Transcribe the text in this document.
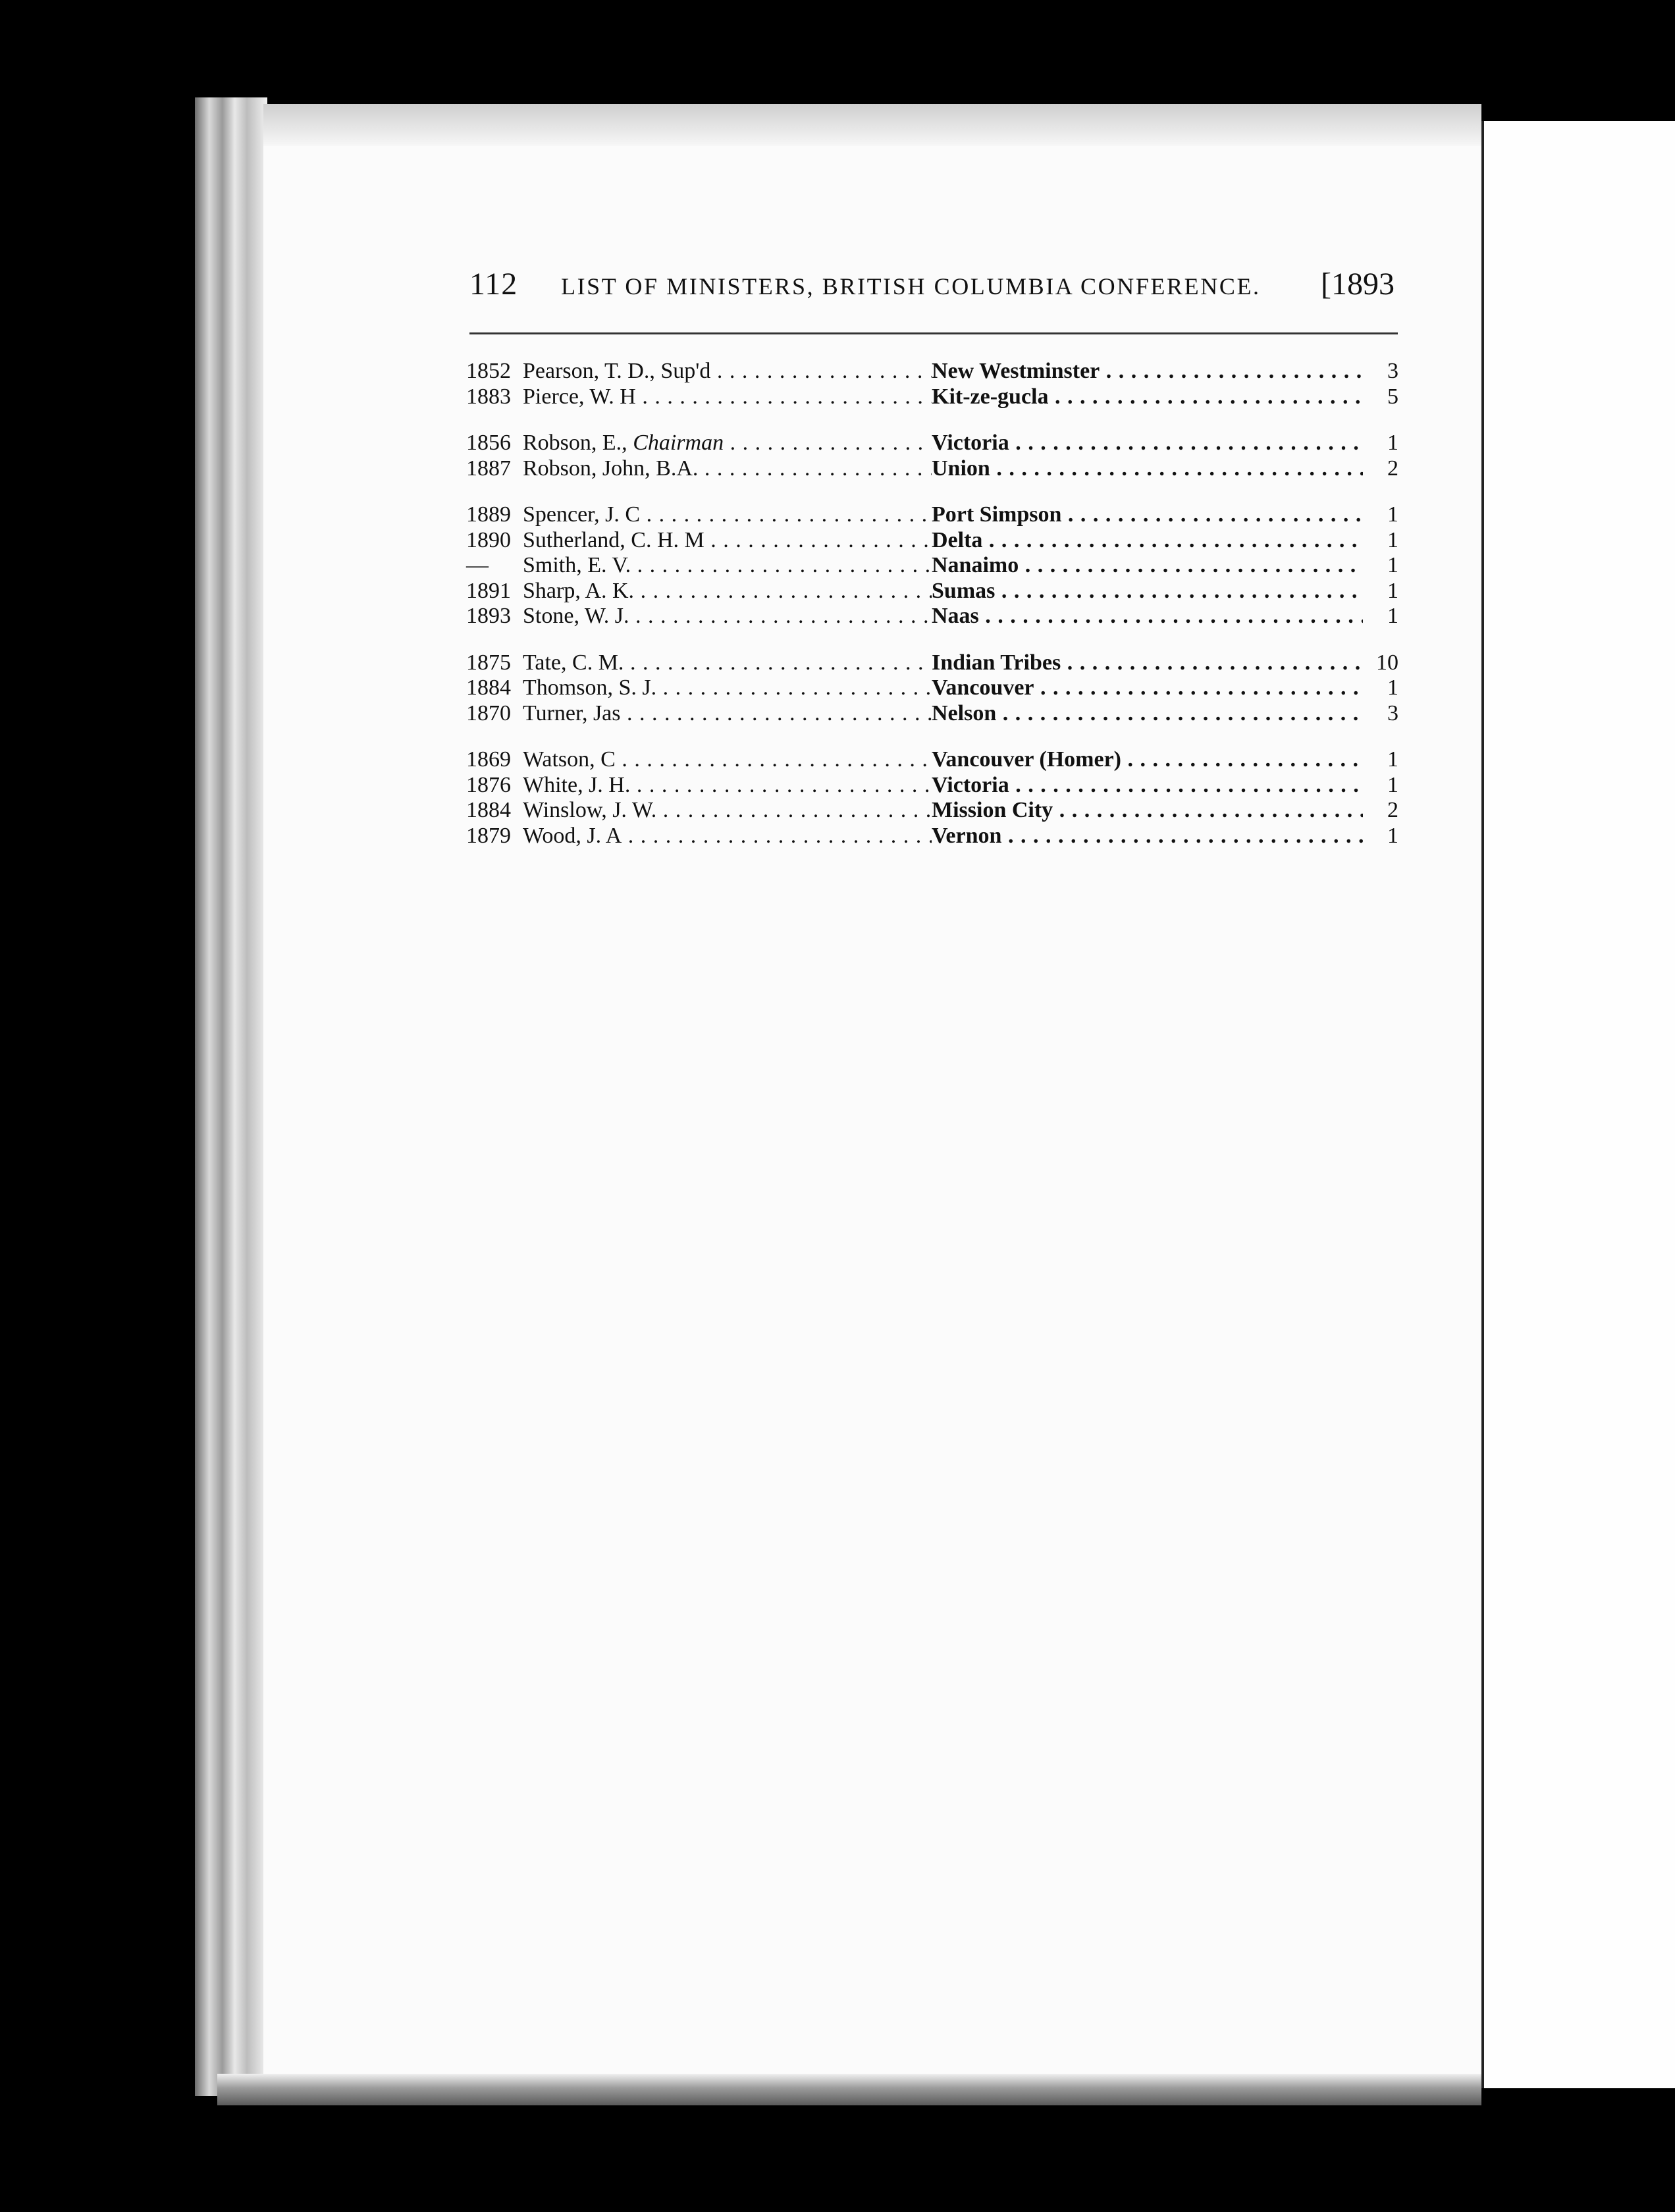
112 LIST OF MINISTERS, BRITISH COLUMBIA CONFERENCE. [1893
1852 Pearson, T. D., Sup'd . . .	New Westminster . . .	3
1883 Pierce, W. H . . .	Kit-ze-gucla . . .	5
1856 Robson, E., Chairman . . .	Victoria . . .	1
1887 Robson, John, B.A. . . .	Union . . .	2
1889 Spencer, J. C . . .	Port Simpson . . .	1
1890 Sutherland, C. H. M . . .	Delta . . .	1
—	Smith, E. V. . . .	Nanaimo . . .	1
1891 Sharp, A. K. . . .	Sumas . . .	1
1893 Stone, W. J. . . .	Naas . . .	1
1875 Tate, C. M. . . .	Indian Tribes . . .	10
1884 Thomson, S. J. . . .	Vancouver . . .	1
1870 Turner, Jas . . .	Nelson . . .	3
1869 Watson, C . . .	Vancouver (Homer) . . .	1
1876 White, J. H. . . .	Victoria . . .	1
1884 Winslow, J. W. . . .	Mission City . . .	2
1879 Wood, J. A . . .	Vernon . . .	1
